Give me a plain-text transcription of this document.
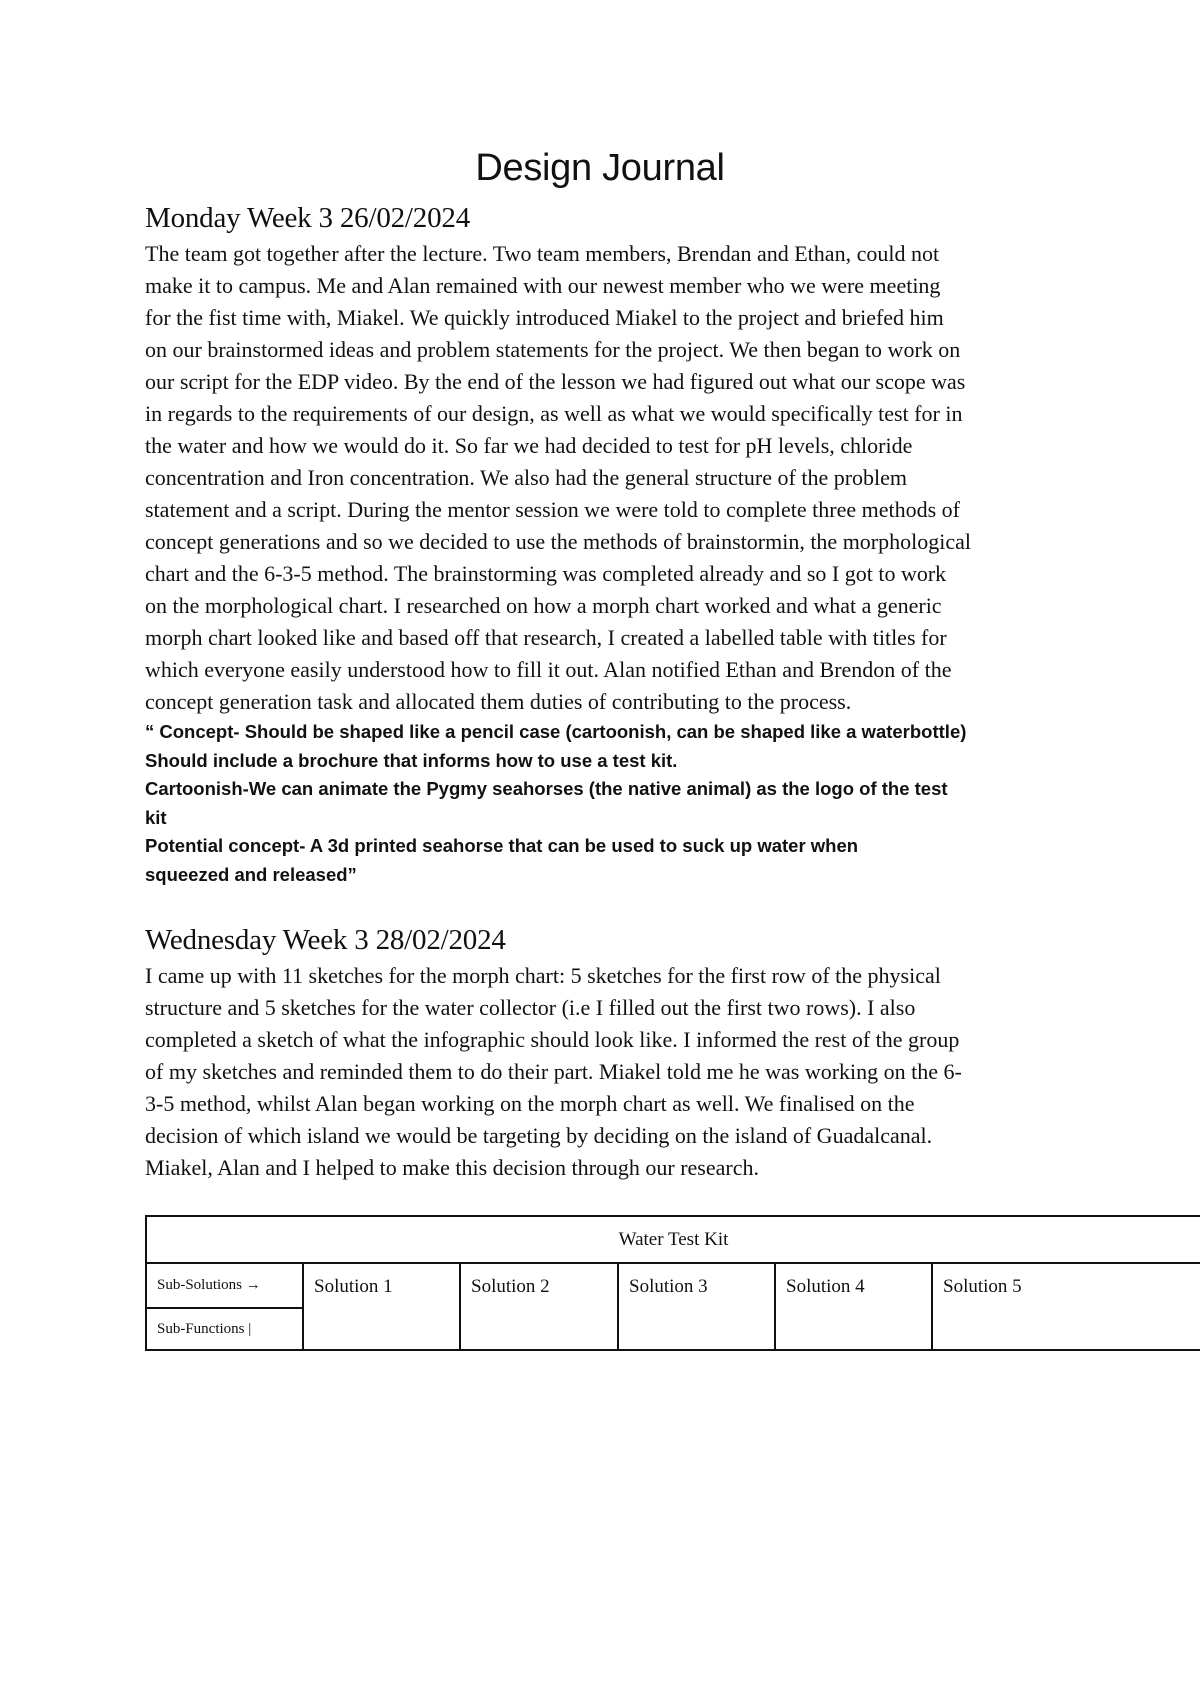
Design Journal
Monday Week 3 26/02/2024
The team got together after the lecture. Two team members, Brendan and Ethan, could not
make it to campus. Me and Alan remained with our newest member who we were meeting
for the fist time with, Miakel. We quickly introduced Miakel to the project and briefed him
on our brainstormed ideas and problem statements for the project. We then began to work on
our script for the EDP video. By the end of the lesson we had figured out what our scope was
in regards to the requirements of our design, as well as what we would specifically test for in
the water and how we would do it. So far we had decided to test for pH levels, chloride
concentration and Iron concentration. We also had the general structure of the problem
statement and a script. During the mentor session we were told to complete three methods of
concept generations and so we decided to use the methods of brainstormin, the morphological
chart and the 6-3-5 method. The brainstorming was completed already and so I got to work
on the morphological chart. I researched on how a morph chart worked and what a generic
morph chart looked like and based off that research, I created a labelled table with titles for
which everyone easily understood how to fill it out. Alan notified Ethan and Brendon of the
concept generation task and allocated them duties of contributing to the process.
“ Concept- Should be shaped like a pencil case (cartoonish, can be shaped like a waterbottle)
Should include a brochure that informs how to use a test kit.
Cartoonish-We can animate the Pygmy seahorses (the native animal) as the logo of the test
kit
Potential concept- A 3d printed seahorse that can be used to suck up water when
squeezed and released”
Wednesday Week 3 28/02/2024
I came up with 11 sketches for the morph chart: 5 sketches for the first row of the physical
structure and 5 sketches for the water collector (i.e I filled out the first two rows). I also
completed a sketch of what the infographic should look like. I informed the rest of the group
of my sketches and reminded them to do their part. Miakel told me he was working on the 6-
3-5 method, whilst Alan began working on the morph chart as well. We finalised on the
decision of which island we would be targeting by deciding on the island of Guadalcanal.
Miakel, Alan and I helped to make this decision through our research.
Water Test Kit
Sub-Solutions →	Solution 1	Solution 2	Solution 3	Solution 4	Solution 5
Sub-Functions |
